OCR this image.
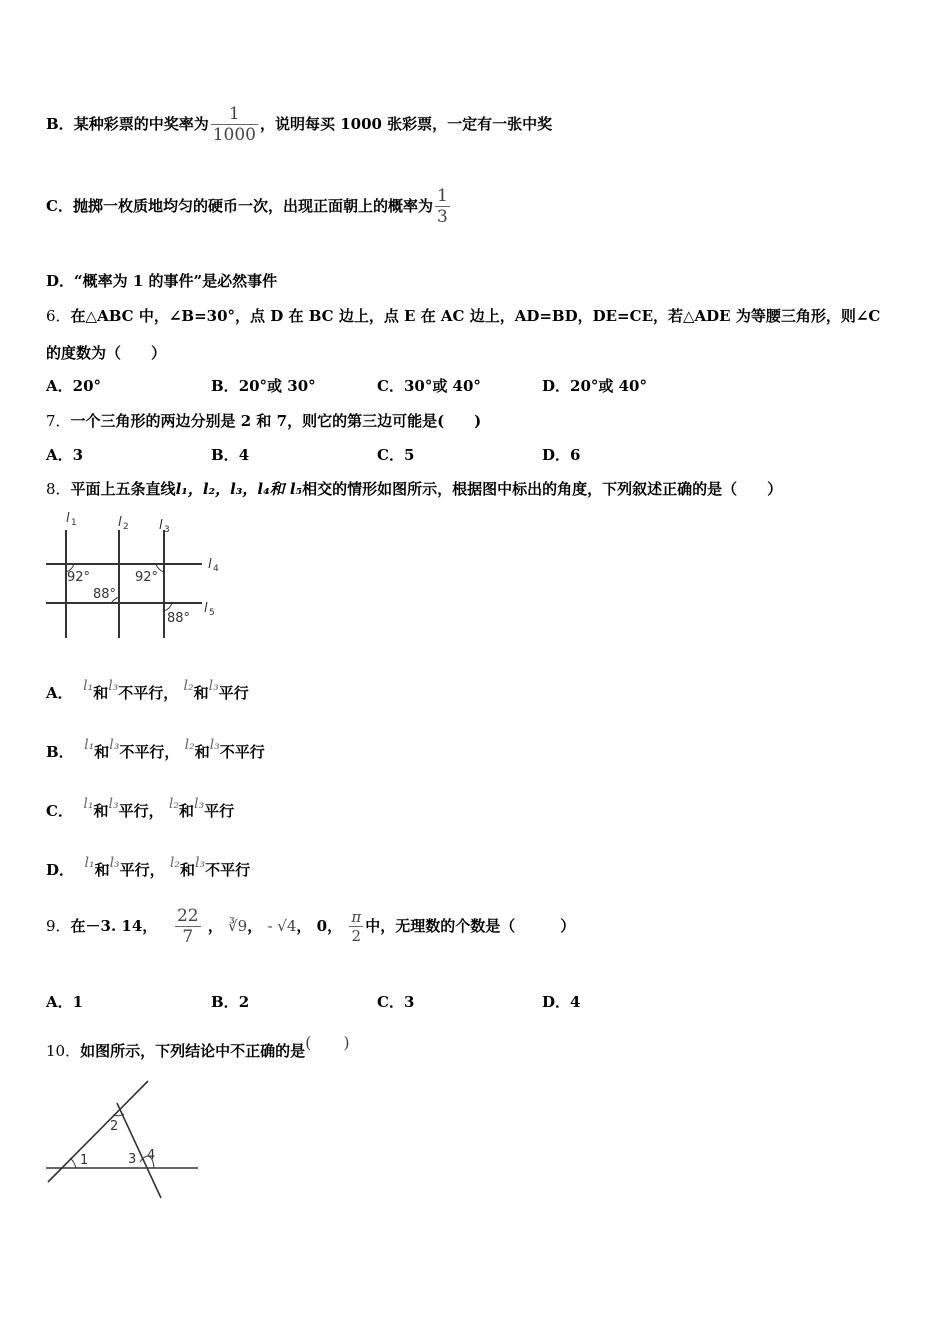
B．某种彩票的中奖率为 $\frac{1}{1000}$ ，说明每买 1000 张彩票，一定有一张中奖
C．抛掷一枚质地均匀的硬币一次，出现正面朝上的概率为 $\frac{1}{3}$
D．“概率为 1 的事件”是必然事件
6．在△ABC 中，∠B=30°，点 D 在 BC 边上，点 E 在 AC 边上，AD=BD，DE=CE，若△ADE 为等腰三角形，则∠C
的度数为（　　）
A．20°	B．20°或 30°	C．30°或 40°	D．20°或 40°
7．一个三角形的两边分别是 2 和 7，则它的第三边可能是(　　)
A．3	B．4	C．5	D．6
8．平面上五条直线l₁，l₂，l₃，l₄和 l₅相交的情形如图所示，根据图中标出的角度，下列叙述正确的是（　　）
l 1	l 2 l 3
l 4
l 5
92°
88°
92°
88°
A． l₁和l₃不平行， l₂和l₃平行
B． l₁和l₃不平行， l₂和l₃不平行
C． l₁和l₃平行， l₂和l₃平行
D． l₁和l₃平行， l₂和l₃不平行
9．在－3. 14， $\frac{22}{7}$ ， ∛9， - √4， 0， $\frac{\pi}{2}$ 中，无理数的个数是（　　　）
A．1	B．2	C．3	D．4
10．如图所示，下列结论中不正确的是(　　)
1
2
3 4
